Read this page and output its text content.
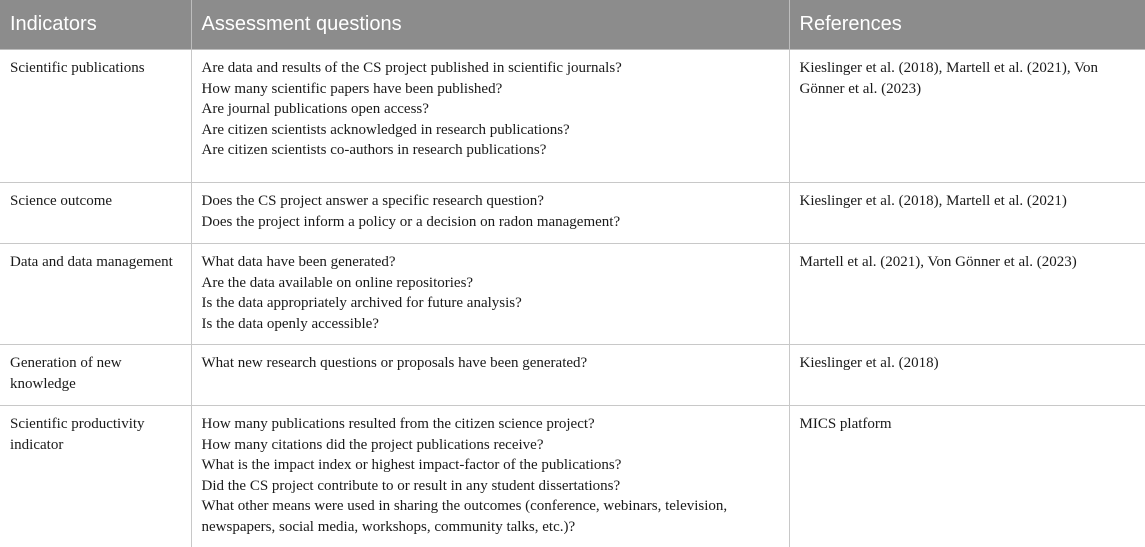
Indicators	Assessment questions	References
Scientific publications	Are data and results of the CS project published in scientific journals?
How many scientific papers have been published?
Are journal publications open access?
Are citizen scientists acknowledged in research publications?
Are citizen scientists co-authors in research publications?	Kieslinger et al. (2018), Martell et al. (2021), Von Gönner et al. (2023)
Science outcome	Does the CS project answer a specific research question?
Does the project inform a policy or a decision on radon management?	Kieslinger et al. (2018), Martell et al. (2021)
Data and data management	What data have been generated?
Are the data available on online repositories?
Is the data appropriately archived for future analysis?
Is the data openly accessible?	Martell et al. (2021), Von Gönner et al. (2023)
Generation of new knowledge	What new research questions or proposals have been generated?	Kieslinger et al. (2018)
Scientific productivity indicator	How many publications resulted from the citizen science project?
How many citations did the project publications receive?
What is the impact index or highest impact-factor of the publications?
Did the CS project contribute to or result in any student dissertations?
What other means were used in sharing the outcomes (conference, webinars, television, newspapers, social media, workshops, community talks, etc.)?	MICS platform
